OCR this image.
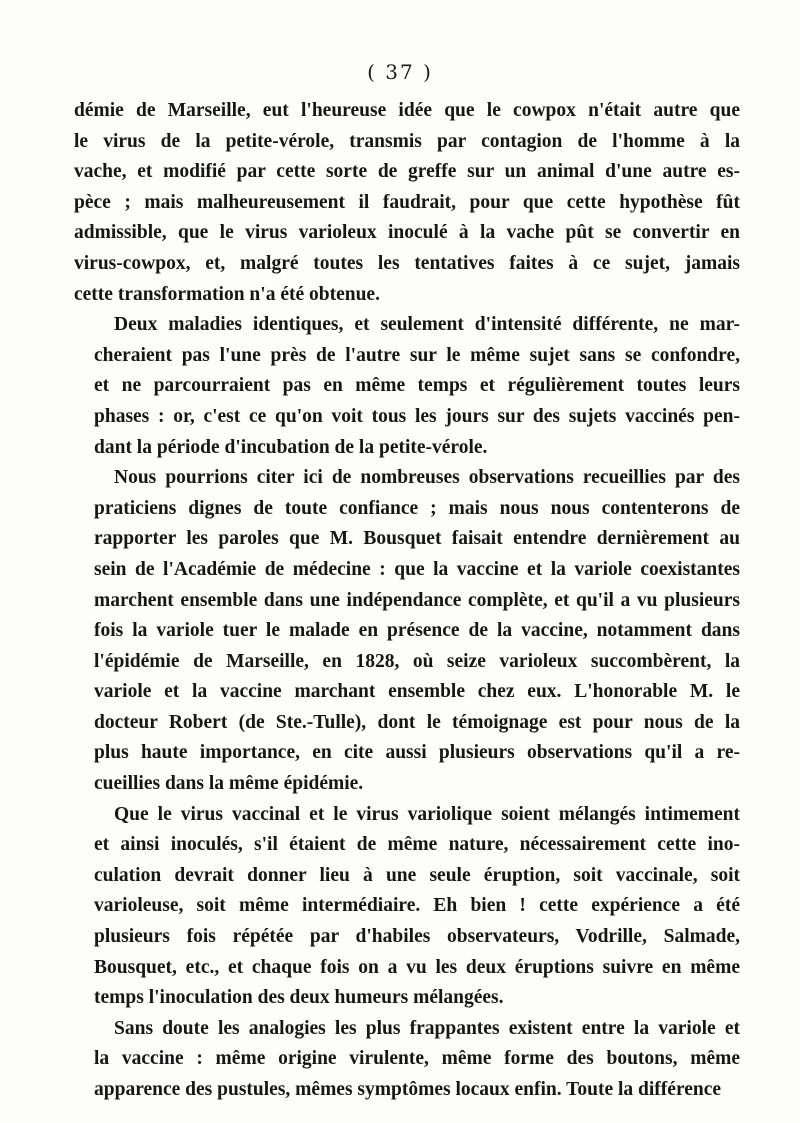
( 37 )
démie de Marseille, eut l'heureuse idée que le cowpox n'était autre que
le virus de la petite-vérole, transmis par contagion de l'homme à la
vache, et modifié par cette sorte de greffe sur un animal d'une autre es-
pèce ; mais malheureusement il faudrait, pour que cette hypothèse fût
admissible, que le virus varioleux inoculé à la vache pût se convertir en
virus-cowpox, et, malgré toutes les tentatives faites à ce sujet, jamais
cette transformation n'a été obtenue.
Deux maladies identiques, et seulement d'intensité différente, ne mar-
cheraient pas l'une près de l'autre sur le même sujet sans se confondre,
et ne parcourraient pas en même temps et régulièrement toutes leurs
phases : or, c'est ce qu'on voit tous les jours sur des sujets vaccinés pen-
dant la période d'incubation de la petite-vérole.
Nous pourrions citer ici de nombreuses observations recueillies par des
praticiens dignes de toute confiance ; mais nous nous contenterons de
rapporter les paroles que M. Bousquet faisait entendre dernièrement au
sein de l'Académie de médecine : que la vaccine et la variole coexistantes
marchent ensemble dans une indépendance complète, et qu'il a vu plusieurs
fois la variole tuer le malade en présence de la vaccine, notamment dans
l'épidémie de Marseille, en 1828, où seize varioleux succombèrent, la
variole et la vaccine marchant ensemble chez eux. L'honorable M. le
docteur Robert (de Ste.-Tulle), dont le témoignage est pour nous de la
plus haute importance, en cite aussi plusieurs observations qu'il a re-
cueillies dans la même épidémie.
Que le virus vaccinal et le virus variolique soient mélangés intimement
et ainsi inoculés, s'il étaient de même nature, nécessairement cette ino-
culation devrait donner lieu à une seule éruption, soit vaccinale, soit
varioleuse, soit même intermédiaire. Eh bien ! cette expérience a été
plusieurs fois répétée par d'habiles observateurs, Vodrille, Salmade,
Bousquet, etc., et chaque fois on a vu les deux éruptions suivre en même
temps l'inoculation des deux humeurs mélangées.
Sans doute les analogies les plus frappantes existent entre la variole et
la vaccine : même origine virulente, même forme des boutons, même
apparence des pustules, mêmes symptômes locaux enfin. Toute la différence
